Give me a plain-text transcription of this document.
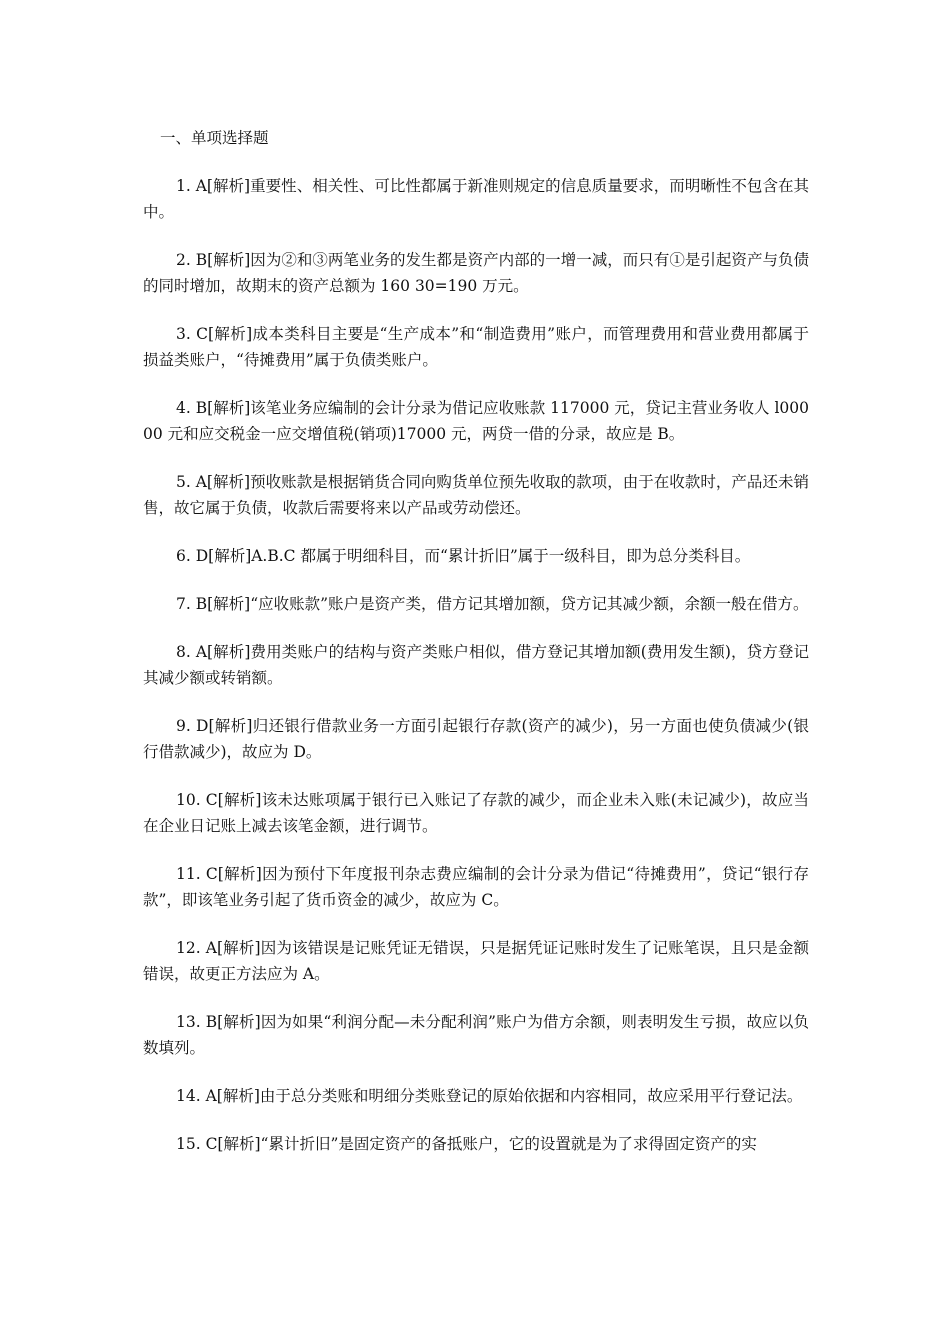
一、单项选择题

1. A[解析]重要性、相关性、可比性都属于新准则规定的信息质量要求，而明晰性不包含在其中。

2. B[解析]因为②和③两笔业务的发生都是资产内部的一增一减，而只有①是引起资产与负债的同时增加，故期末的资产总额为 160 30=190 万元。

3. C[解析]成本类科目主要是“生产成本”和“制造费用”账户，而管理费用和营业费用都属于损益类账户，“待摊费用”属于负债类账户。

4. B[解析]该笔业务应编制的会计分录为借记应收账款 117000 元，贷记主营业务收人 l00000 元和应交税金一应交增值税(销项)17000 元，两贷一借的分录，故应是 B。

5. A[解析]预收账款是根据销货合同向购货单位预先收取的款项，由于在收款时，产品还未销售，故它属于负债，收款后需要将来以产品或劳动偿还。

6. D[解析]A.B.C 都属于明细科目，而“累计折旧”属于一级科目，即为总分类科目。

7. B[解析]“应收账款”账户是资产类，借方记其增加额，贷方记其减少额，余额一般在借方。

8. A[解析]费用类账户的结构与资产类账户相似，借方登记其增加额(费用发生额)，贷方登记其减少额或转销额。

9. D[解析]归还银行借款业务一方面引起银行存款(资产的减少)，另一方面也使负债减少(银行借款减少)，故应为 D。

10. C[解析]该未达账项属于银行已入账记了存款的减少，而企业未入账(未记减少)，故应当在企业日记账上减去该笔金额，进行调节。

11. C[解析]因为预付下年度报刊杂志费应编制的会计分录为借记“待摊费用”，贷记“银行存款”，即该笔业务引起了货币资金的减少，故应为 C。

12. A[解析]因为该错误是记账凭证无错误，只是据凭证记账时发生了记账笔误，且只是金额错误，故更正方法应为 A。

13. B[解析]因为如果“利润分配—未分配利润”账户为借方余额，则表明发生亏损，故应以负数填列。

14. A[解析]由于总分类账和明细分类账登记的原始依据和内容相同，故应采用平行登记法。

15. C[解析]“累计折旧”是固定资产的备抵账户，它的设置就是为了求得固定资产的实
